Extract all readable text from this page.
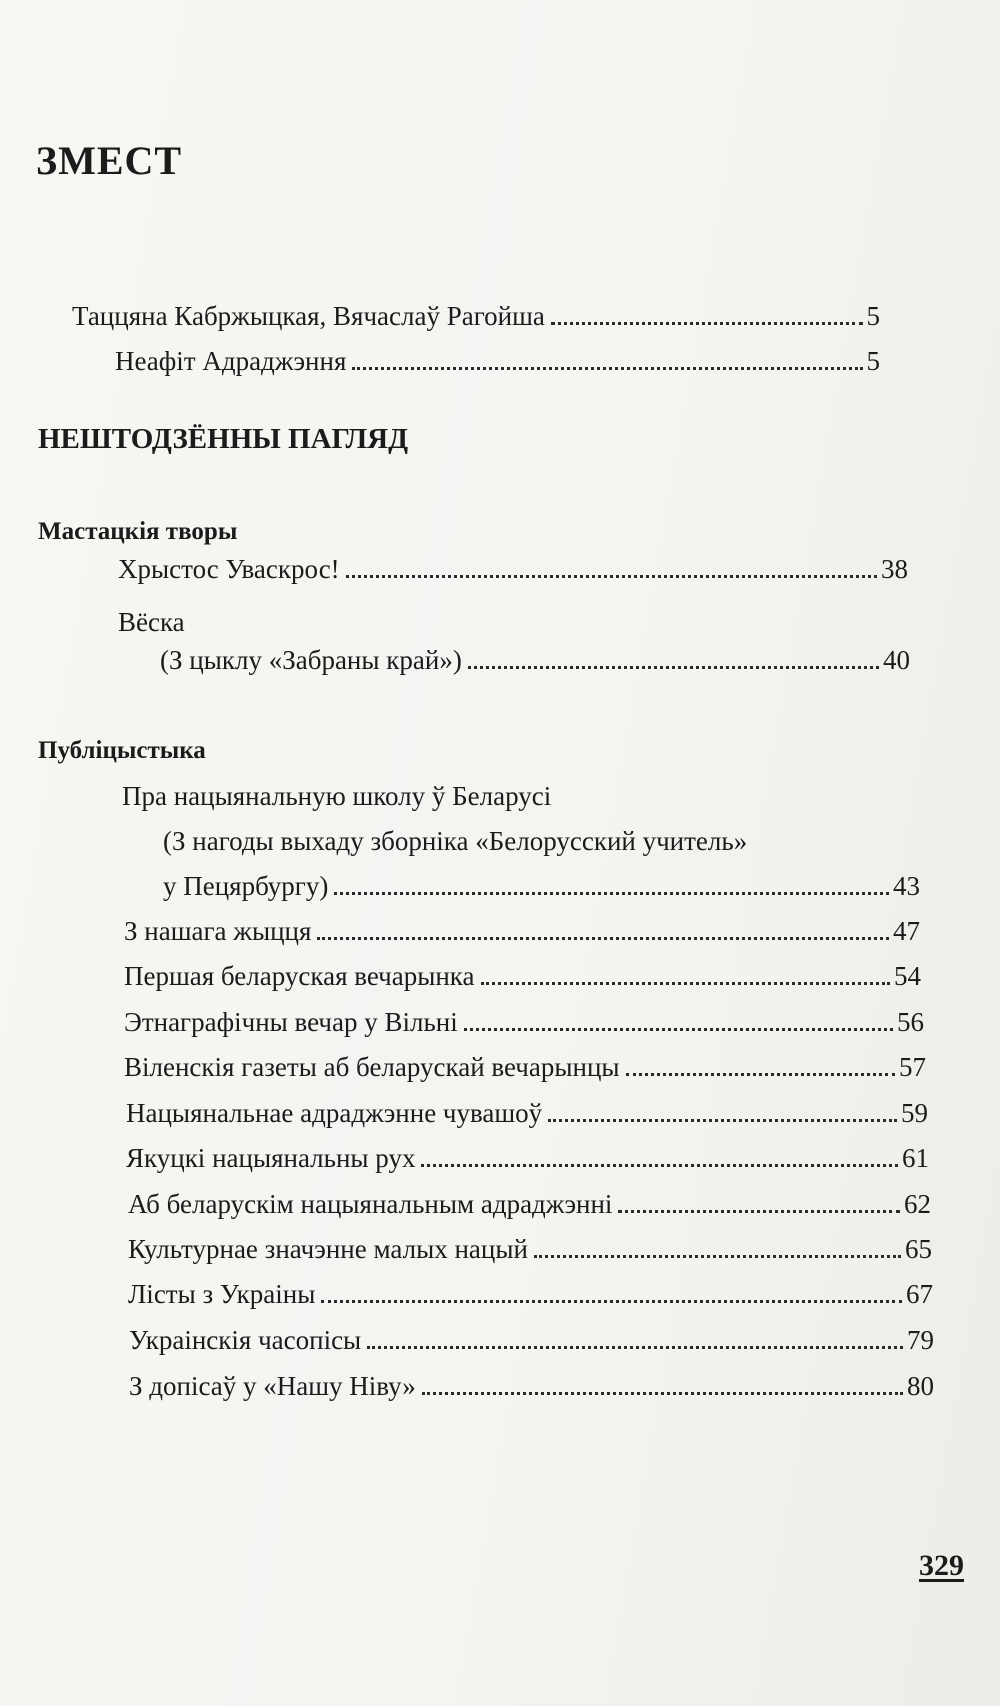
ЗМЕСТ
Таццяна Кабржыцкая, Вячаслаў Рагойша	5
Неафіт Адраджэння	5
НЕШТОДЗЁННЫ ПАГЛЯД
Мастацкія творы
Хрыстос Уваскрос!	38
Вёска
(З цыклу «Забраны край»)	40
Публіцыстыка
Пра нацыянальную школу ў Беларусі
(З нагоды выхаду зборніка «Белорусский учитель»
у Пецярбургу)	43
З нашага жыцця	47
Першая беларуская вечарынка	54
Этнаграфічны вечар у Вільні	56
Віленскія газеты аб беларускай вечарынцы	57
Нацыянальнае адраджэнне чувашоў	59
Якуцкі нацыянальны рух	61
Аб беларускім нацыянальным адраджэнні	62
Культурнае значэнне малых нацый	65
Лісты з Украіны	67
Украінскія часопісы	79
З допісаў у «Нашу Ніву»	80
329
